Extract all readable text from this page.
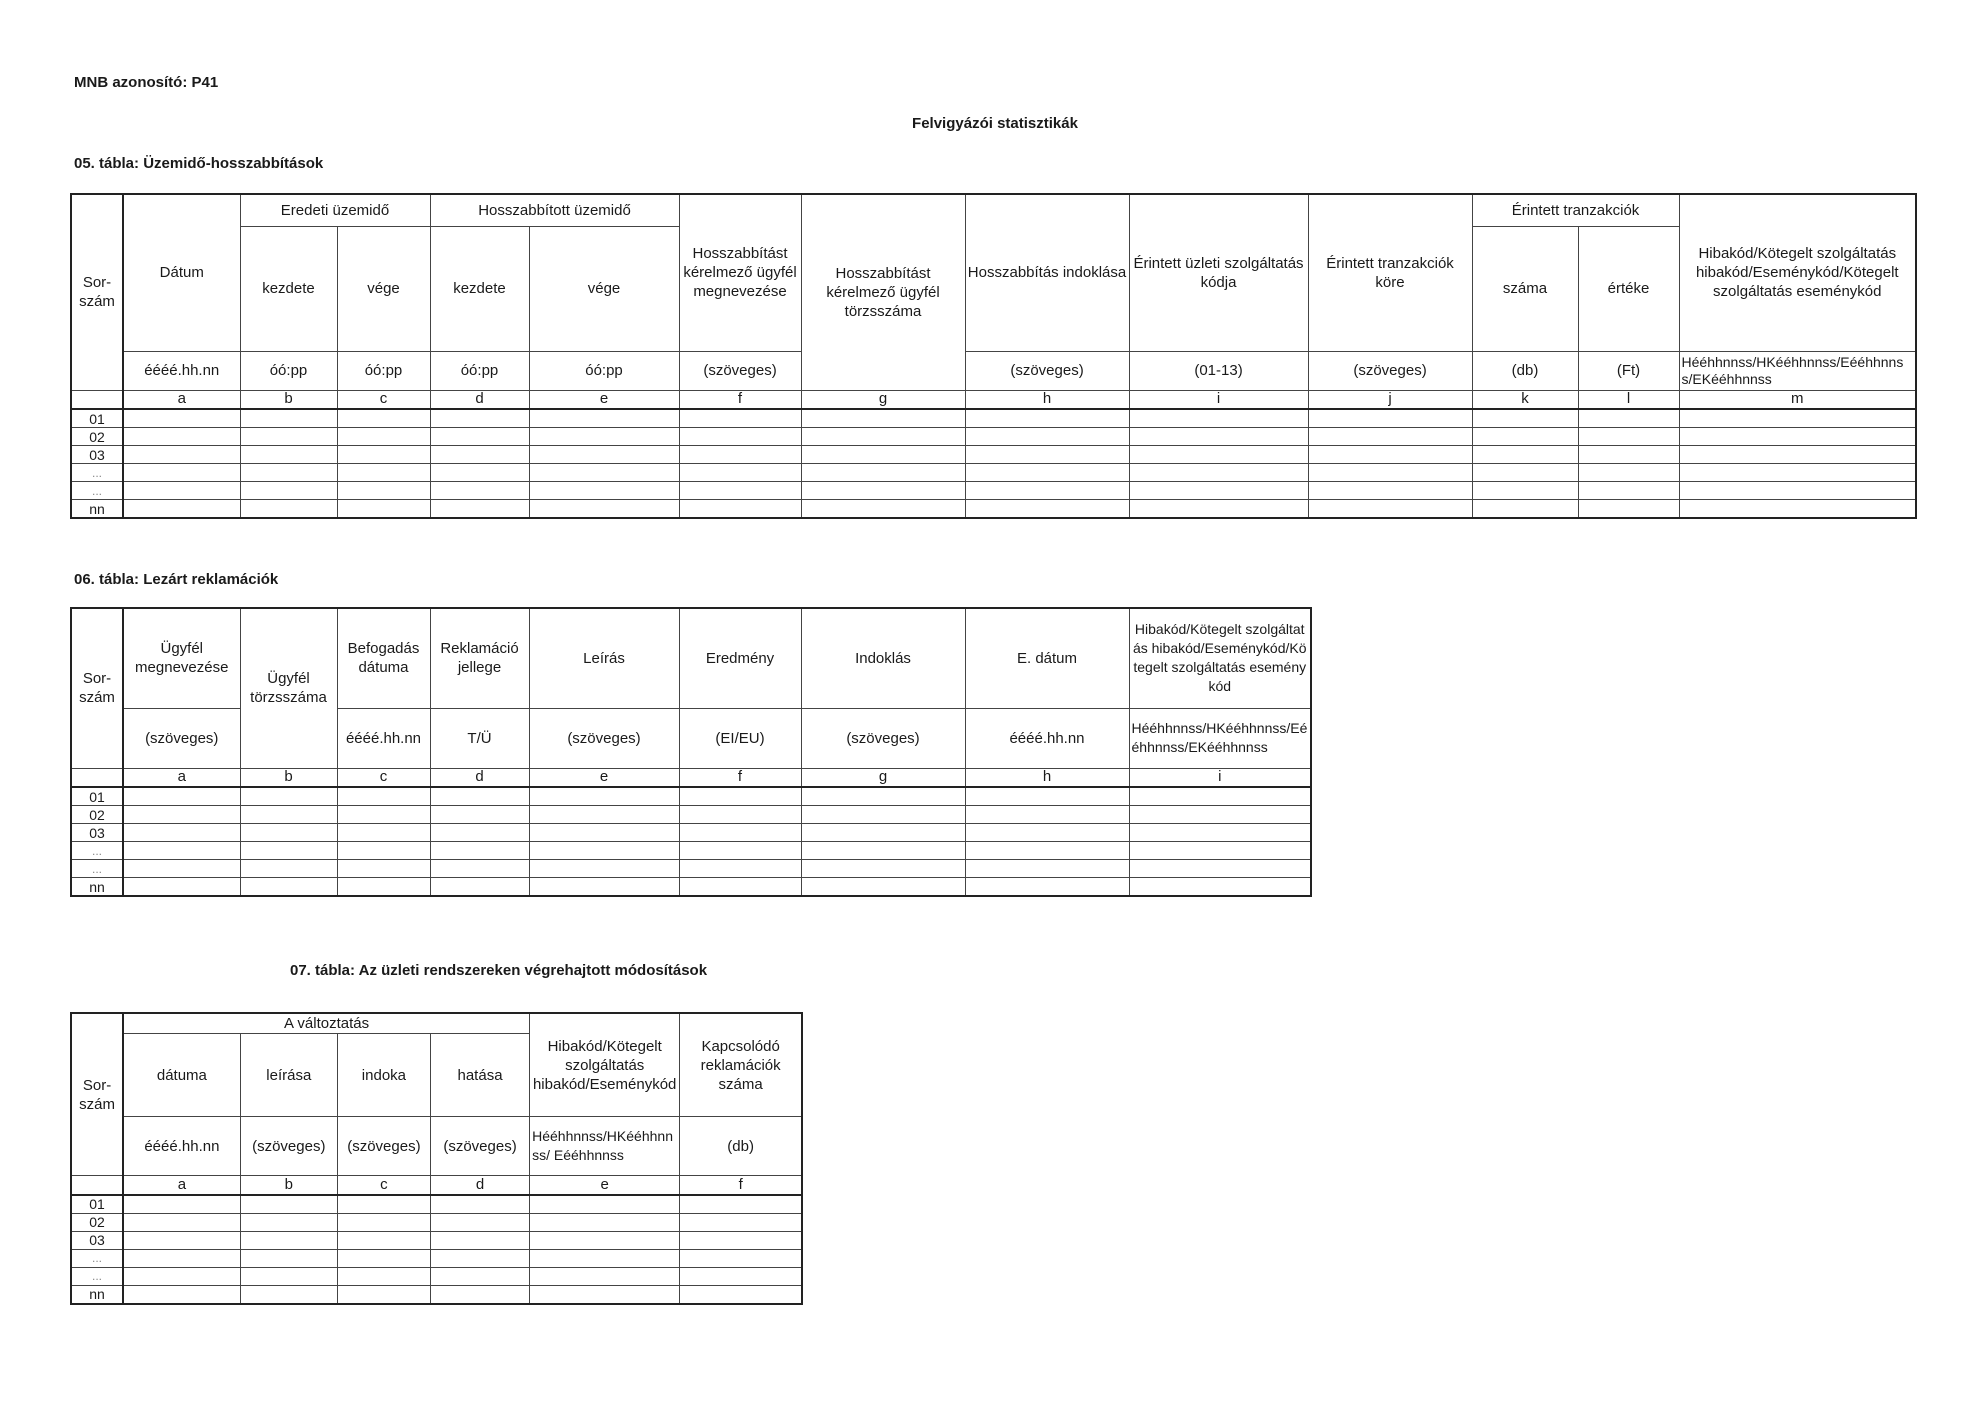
MNB azonosító: P41
Felvigyázói statisztikák
05. tábla: Üzemidő-hosszabbítások
Sor-
szám	Dátum	Eredeti üzemidő		Hosszabbított üzemidő		Hosszabbítást kérelmező ügyfél megnevezése	Hosszabbítást kérelmező ügyfél törzsszáma	Hosszabbítás indoklása	Érintett üzleti szolgáltatás kódja	Érintett tranzakciók köre	Érintett tranzakciók		Hibakód/Kötegelt szolgáltatás hibakód/Eseménykód/Kötegelt szolgáltatás eseménykód
		kezdete	vége	kezdete	vége						száma	értéke	
	éééé.hh.nn	óó:pp	óó:pp	óó:pp	óó:pp	(szöveges)		(szöveges)	(01-13)	(szöveges)	(db)	(Ft)	Hééhhnnss/HKééhhnnss/Eééhhnnss/EKééhhnnss
	a	b	c	d	e	f	g	h	i	j	k	l	m
01													
02													
03													
...													
...													
nn													
06. tábla: Lezárt reklamációk
Sor-
szám	Ügyfél megnevezése	Ügyfél törzsszáma	Befogadás dátuma	Reklamáció jellege	Leírás	Eredmény	Indoklás	E. dátum	Hibakód/Kötegelt szolgáltatás hibakód/Eseménykód/Kötegelt szolgáltatás eseménykód
	(szöveges)		éééé.hh.nn	T/Ü	(szöveges)	(EI/EU)	(szöveges)	éééé.hh.nn	Hééhhnnss/HKééhhnnss/Eééhhnnss/EKééhhnnss
	a	b	c	d	e	f	g	h	i
01									
02									
03									
...									
...									
nn									
07. tábla: Az üzleti rendszereken végrehajtott módosítások
Sor-
szám	A változtatás				Hibakód/Kötegelt szolgáltatás hibakód/Eseménykód	Kapcsolódó reklamációk száma
	dátuma	leírása	indoka	hatása		
	éééé.hh.nn	(szöveges)	(szöveges)	(szöveges)	Hééhhnnss/HKééhhnnss/ Eééhhnnss	(db)
	a	b	c	d	e	f
01						
02						
03						
...						
...						
nn						
